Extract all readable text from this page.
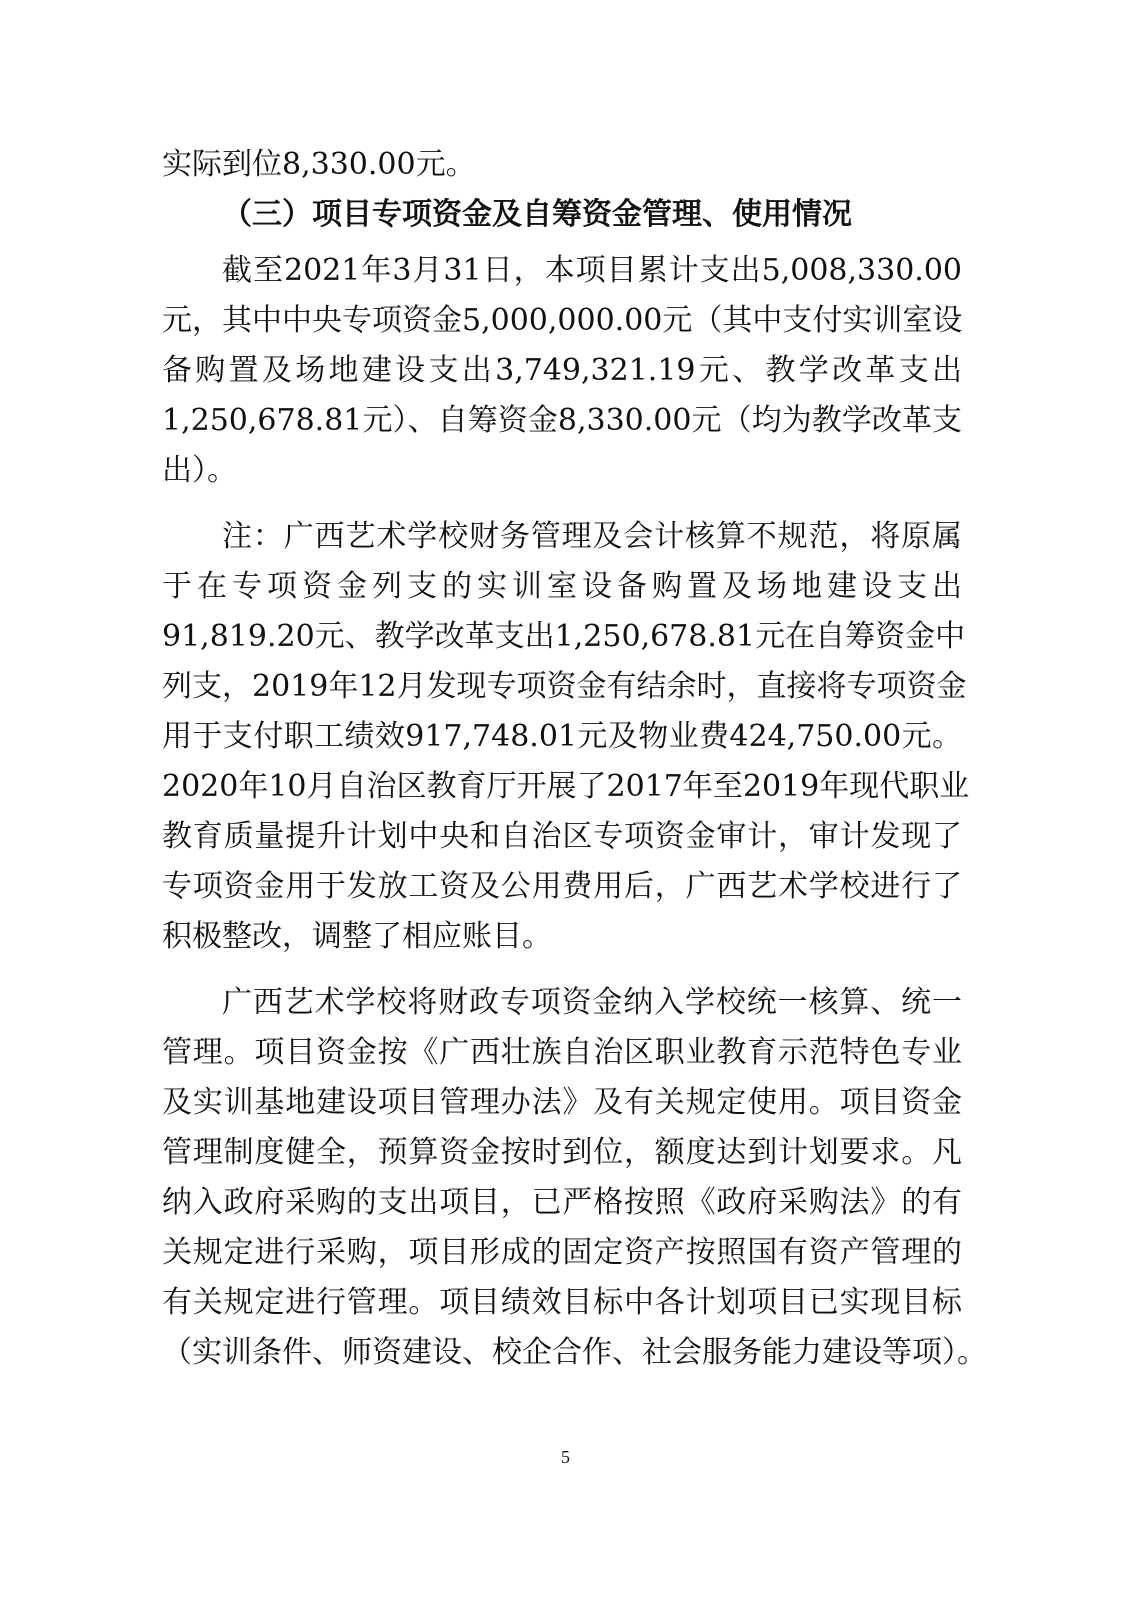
实际到位8,330.00元。

（三）项目专项资金及自筹资金管理、使用情况

截至2021年3月31日，本项目累计支出5,008,330.00

元，其中中央专项资金5,000,000.00元（其中支付实训室设

备购置及场地建设支出3,749,321.19元、教学改革支出

1,250,678.81元）、自筹资金8,330.00元（均为教学改革支

出）。

注：广西艺术学校财务管理及会计核算不规范，将原属

于在专项资金列支的实训室设备购置及场地建设支出

91,819.20元、教学改革支出1,250,678.81元在自筹资金中

列支，2019年12月发现专项资金有结余时，直接将专项资金

用于支付职工绩效917,748.01元及物业费424,750.00元。

2020年10月自治区教育厅开展了2017年至2019年现代职业

教育质量提升计划中央和自治区专项资金审计，审计发现了

专项资金用于发放工资及公用费用后，广西艺术学校进行了

积极整改，调整了相应账目。

广西艺术学校将财政专项资金纳入学校统一核算、统一

管理。项目资金按《广西壮族自治区职业教育示范特色专业

及实训基地建设项目管理办法》及有关规定使用。项目资金

管理制度健全，预算资金按时到位，额度达到计划要求。凡

纳入政府采购的支出项目，已严格按照《政府采购法》的有

关规定进行采购，项目形成的固定资产按照国有资产管理的

有关规定进行管理。项目绩效目标中各计划项目已实现目标

（实训条件、师资建设、校企合作、社会服务能力建设等项）。

5
